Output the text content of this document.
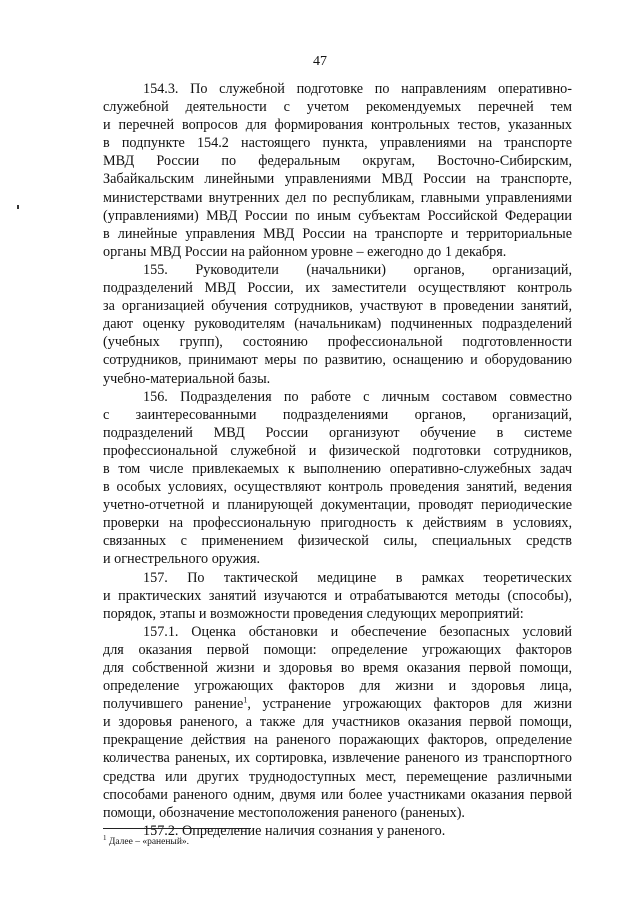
47
154.3. По служебной подготовке по направлениям оперативно-
служебной деятельности с учетом рекомендуемых перечней тем
и перечней вопросов для формирования контрольных тестов, указанных
в подпункте 154.2 настоящего пункта, управлениями на транспорте
МВД России по федеральным округам, Восточно-Сибирским,
Забайкальским линейными управлениями МВД России на транспорте,
министерствами внутренних дел по республикам, главными управлениями
(управлениями) МВД России по иным субъектам Российской Федерации
в линейные управления МВД России на транспорте и территориальные
органы МВД России на районном уровне – ежегодно до 1 декабря.
155. Руководители (начальники) органов, организаций,
подразделений МВД России, их заместители осуществляют контроль
за организацией обучения сотрудников, участвуют в проведении занятий,
дают оценку руководителям (начальникам) подчиненных подразделений
(учебных групп), состоянию профессиональной подготовленности
сотрудников, принимают меры по развитию, оснащению и оборудованию
учебно-материальной базы.
156. Подразделения по работе с личным составом совместно
с заинтересованными подразделениями органов, организаций,
подразделений МВД России организуют обучение в системе
профессиональной служебной и физической подготовки сотрудников,
в том числе привлекаемых к выполнению оперативно-служебных задач
в особых условиях, осуществляют контроль проведения занятий, ведения
учетно-отчетной и планирующей документации, проводят периодические
проверки на профессиональную пригодность к действиям в условиях,
связанных с применением физической силы, специальных средств
и огнестрельного оружия.
157. По тактической медицине в рамках теоретических
и практических занятий изучаются и отрабатываются методы (способы),
порядок, этапы и возможности проведения следующих мероприятий:
157.1. Оценка обстановки и обеспечение безопасных условий
для оказания первой помощи: определение угрожающих факторов
для собственной жизни и здоровья во время оказания первой помощи,
определение угрожающих факторов для жизни и здоровья лица,
получившего ранение$^1$, устранение угрожающих факторов для жизни
и здоровья раненого, а также для участников оказания первой помощи,
прекращение действия на раненого поражающих факторов, определение
количества раненых, их сортировка, извлечение раненого из транспортного
средства или других труднодоступных мест, перемещение различными
способами раненого одним, двумя или более участниками оказания первой
помощи, обозначение местоположения раненого (раненых).
157.2. Определение наличия сознания у раненого.
$^1$ Далее – «раненый».
